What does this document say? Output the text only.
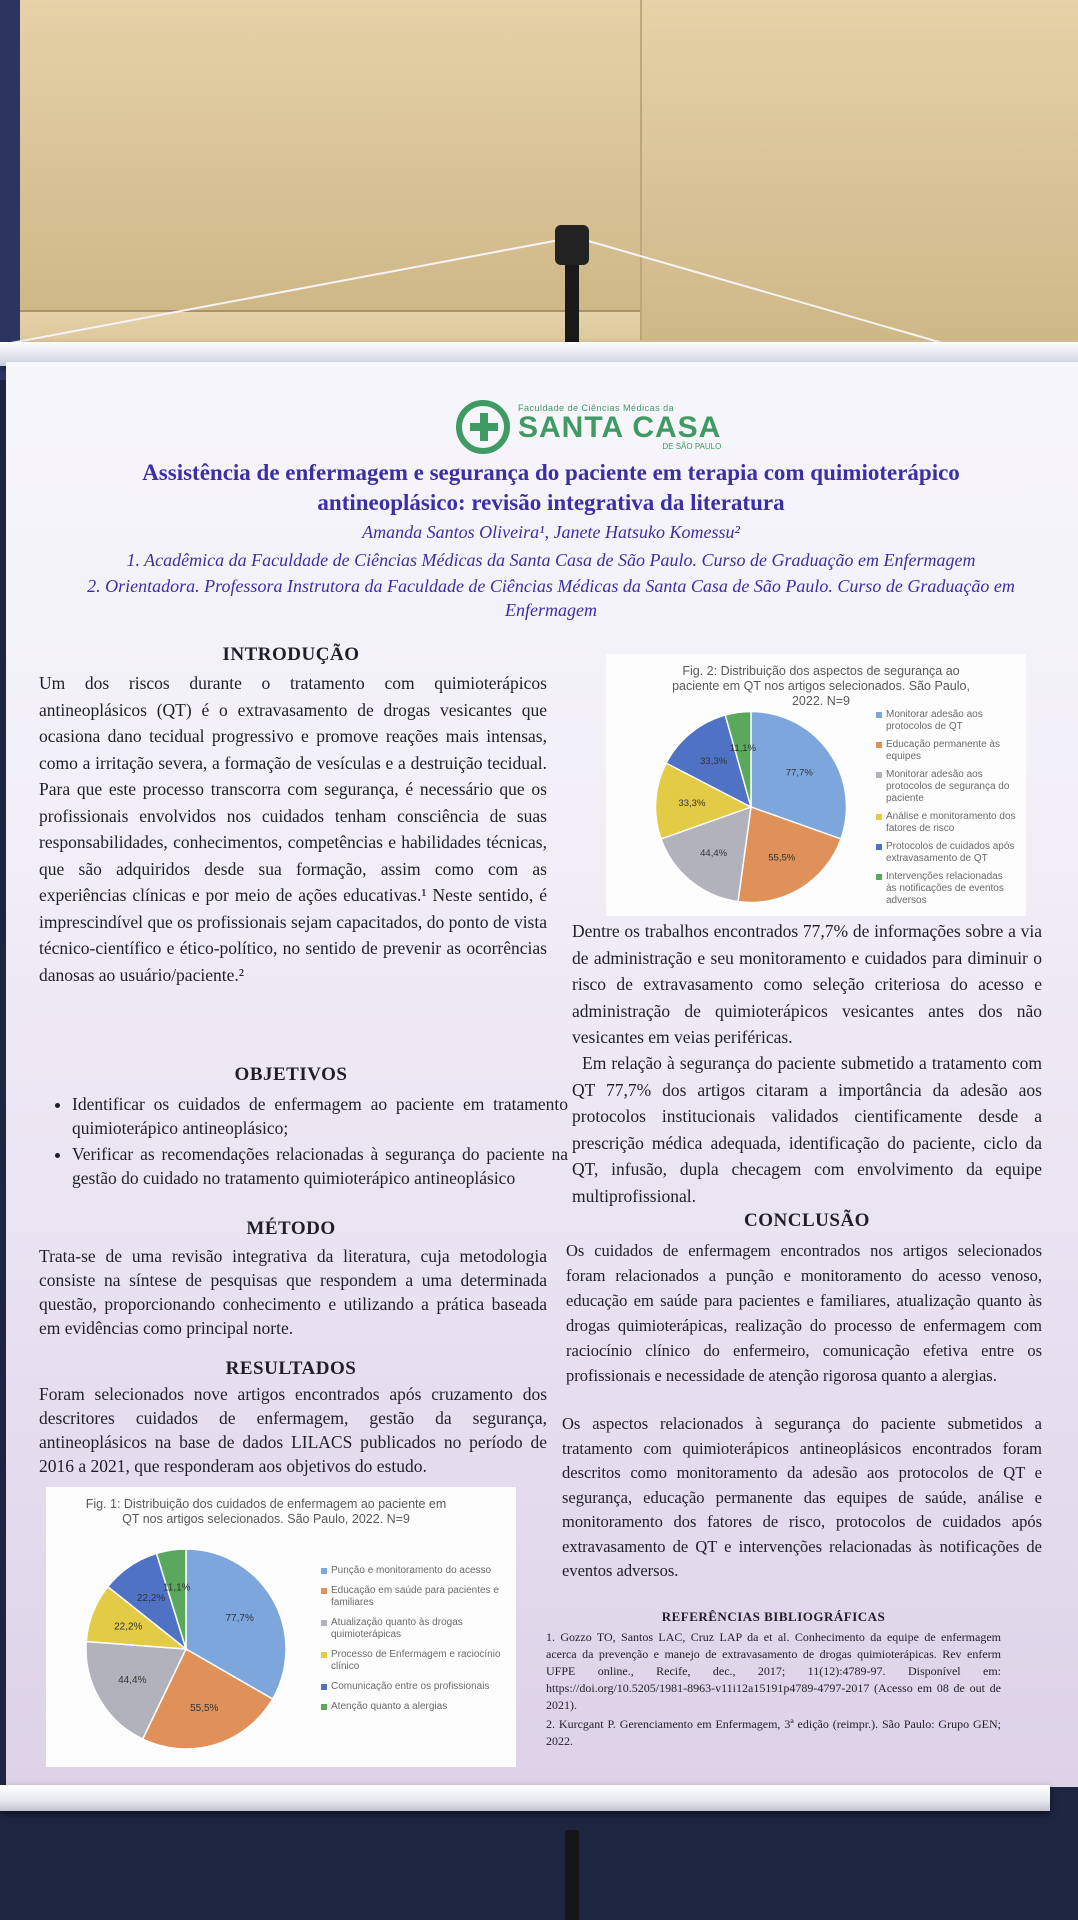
Faculdade de Ciências Médicas da
SANTA CASA
DE SÃO PAULO
Assistência de enfermagem e segurança do paciente em terapia com quimioterápico antineoplásico: revisão integrativa da literatura
Amanda Santos Oliveira¹, Janete Hatsuko Komessu²
1. Acadêmica da Faculdade de Ciências Médicas da Santa Casa de São Paulo. Curso de Graduação em Enfermagem
2. Orientadora. Professora Instrutora da Faculdade de Ciências Médicas da Santa Casa de São Paulo. Curso de Graduação em Enfermagem
INTRODUÇÃO
Um dos riscos durante o tratamento com quimioterápicos antineoplásicos (QT) é o extravasamento de drogas vesicantes que ocasiona dano tecidual progressivo e promove reações mais intensas, como a irritação severa, a formação de vesículas e a destruição tecidual. Para que este processo transcorra com segurança, é necessário que os profissionais envolvidos nos cuidados tenham consciência de suas responsabilidades, conhecimentos, competências e habilidades técnicas, que são adquiridos desde sua formação, assim como com as experiências clínicas e por meio de ações educativas.¹ Neste sentido, é imprescindível que os profissionais sejam capacitados, do ponto de vista técnico-científico e ético-político, no sentido de prevenir as ocorrências danosas ao usuário/paciente.²
OBJETIVOS
• Identificar os cuidados de enfermagem ao paciente em tratamento quimioterápico antineoplásico;
• Verificar as recomendações relacionadas à segurança do paciente na gestão do cuidado no tratamento quimioterápico antineoplásico
MÉTODO
Trata-se de uma revisão integrativa da literatura, cuja metodologia consiste na síntese de pesquisas que respondem a uma determinada questão, proporcionando conhecimento e utilizando a prática baseada em evidências como principal norte.
RESULTADOS
Foram selecionados nove artigos encontrados após cruzamento dos descritores cuidados de enfermagem, gestão da segurança, antineoplásicos na base de dados LILACS publicados no período de 2016 a 2021, que responderam aos objetivos do estudo.
Fig. 1: Distribuição dos cuidados de enfermagem ao paciente em QT nos artigos selecionados. São Paulo, 2022. N=9
77,7%
55,5%
44,4%
22,2%
22,2%
11,1%
Punção e monitoramento do acesso
Educação em saúde para pacientes e familiares
Atualização quanto às drogas quimioterápicas
Processo de Enfermagem e raciocínio clínico
Comunicação entre os profissionais
Atenção quanto a alergias
Fig. 2: Distribuição dos aspectos de segurança ao paciente em QT nos artigos selecionados. São Paulo, 2022. N=9
77,7%
55,5%
44,4%
33,3%
33,3%
11,1%
Monitorar adesão aos protocolos de QT
Educação permanente às equipes
Monitorar adesão aos protocolos de segurança do paciente
Análise e monitoramento dos fatores de risco
Protocolos de cuidados após extravasamento de QT
Intervenções relacionadas às notificações de eventos adversos
Dentre os trabalhos encontrados 77,7% de informações sobre a via de administração e seu monitoramento e cuidados para diminuir o risco de extravasamento como seleção criteriosa do acesso e administração de quimioterápicos vesicantes antes dos não vesicantes em veias periféricas.
Em relação à segurança do paciente submetido a tratamento com QT 77,7% dos artigos citaram a importância da adesão aos protocolos institucionais validados cientificamente desde a prescrição médica adequada, identificação do paciente, ciclo da QT, infusão, dupla checagem com envolvimento da equipe multiprofissional.
CONCLUSÃO
Os cuidados de enfermagem encontrados nos artigos selecionados foram relacionados a punção e monitoramento do acesso venoso, educação em saúde para pacientes e familiares, atualização quanto às drogas quimioterápicas, realização do processo de enfermagem com raciocínio clínico do enfermeiro, comunicação efetiva entre os profissionais e necessidade de atenção rigorosa quanto a alergias.
Os aspectos relacionados à segurança do paciente submetidos a tratamento com quimioterápicos antineoplásicos encontrados foram descritos como monitoramento da adesão aos protocolos de QT e segurança, educação permanente das equipes de saúde, análise e monitoramento dos fatores de risco, protocolos de cuidados após extravasamento de QT e intervenções relacionadas às notificações de eventos adversos.
REFERÊNCIAS BIBLIOGRÁFICAS

1. Gozzo TO, Santos LAC, Cruz LAP da et al. Conhecimento da equipe de enfermagem acerca da prevenção e manejo de extravasamento de drogas quimioterápicas. Rev enferm UFPE online., Recife, dec., 2017; 11(12):4789-97. Disponível em: https://doi.org/10.5205/1981-8963-v11i12a15191p4789-4797-2017 (Acesso em 08 de out de 2021).

2. Kurcgant P. Gerenciamento em Enfermagem, 3ª edição (reimpr.). São Paulo: Grupo GEN; 2022.
